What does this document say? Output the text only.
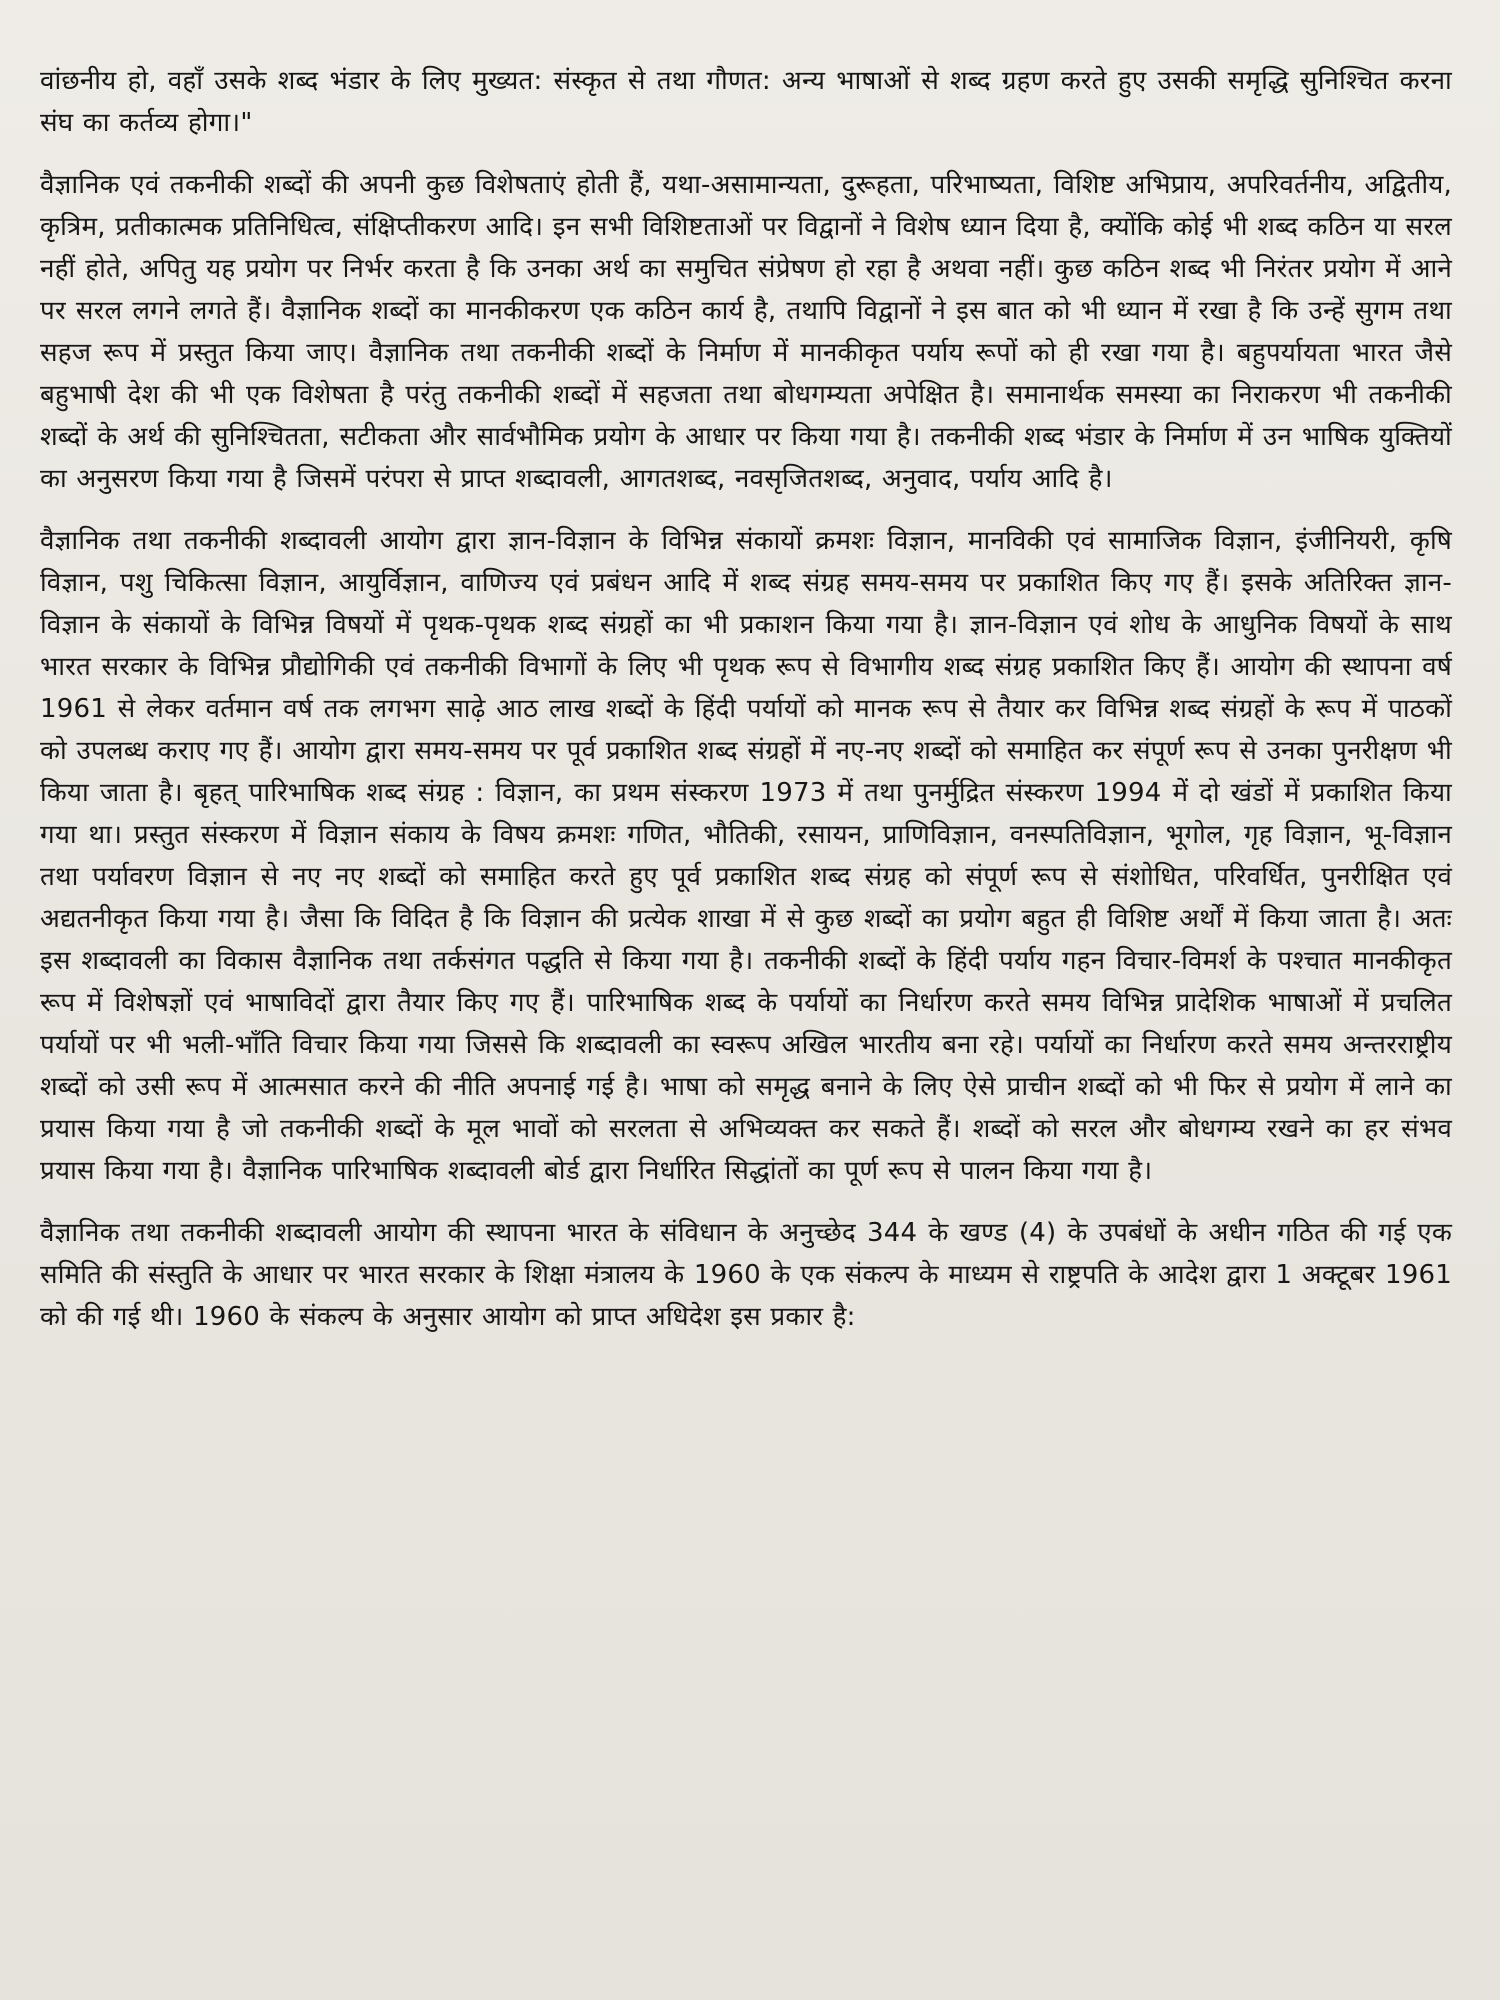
वांछनीय हो, वहाँ उसके शब्द भंडार के लिए मुख्यत: संस्कृत से तथा गौणत: अन्य भाषाओं से शब्द ग्रहण करते हुए उसकी समृद्धि सुनिश्चित करना संघ का कर्तव्य होगा।"

वैज्ञानिक एवं तकनीकी शब्दों की अपनी कुछ विशेषताएं होती हैं, यथा-असामान्यता, दुरूहता, परिभाष्यता, विशिष्ट अभिप्राय, अपरिवर्तनीय, अद्वितीय, कृत्रिम, प्रतीकात्मक प्रतिनिधित्व, संक्षिप्तीकरण आदि। इन सभी विशिष्टताओं पर विद्वानों ने विशेष ध्यान दिया है, क्योंकि कोई भी शब्द कठिन या सरल नहीं होते, अपितु यह प्रयोग पर निर्भर करता है कि उनका अर्थ का समुचित संप्रेषण हो रहा है अथवा नहीं। कुछ कठिन शब्द भी निरंतर प्रयोग में आने पर सरल लगने लगते हैं। वैज्ञानिक शब्दों का मानकीकरण एक कठिन कार्य है, तथापि विद्वानों ने इस बात को भी ध्यान में रखा है कि उन्हें सुगम तथा सहज रूप में प्रस्तुत किया जाए। वैज्ञानिक तथा तकनीकी शब्दों के निर्माण में मानकीकृत पर्याय रूपों को ही रखा गया है। बहुपर्यायता भारत जैसे बहुभाषी देश की भी एक विशेषता है परंतु तकनीकी शब्दों में सहजता तथा बोधगम्यता अपेक्षित है। समानार्थक समस्या का निराकरण भी तकनीकी शब्दों के अर्थ की सुनिश्चितता, सटीकता और सार्वभौमिक प्रयोग के आधार पर किया गया है। तकनीकी शब्द भंडार के निर्माण में उन भाषिक युक्तियों का अनुसरण किया गया है जिसमें परंपरा से प्राप्त शब्दावली, आगतशब्द, नवसृजितशब्द, अनुवाद, पर्याय आदि है।

वैज्ञानिक तथा तकनीकी शब्दावली आयोग द्वारा ज्ञान-विज्ञान के विभिन्न संकायों क्रमशः विज्ञान, मानविकी एवं सामाजिक विज्ञान, इंजीनियरी, कृषि विज्ञान, पशु चिकित्सा विज्ञान, आयुर्विज्ञान, वाणिज्य एवं प्रबंधन आदि में शब्द संग्रह समय-समय पर प्रकाशित किए गए हैं। इसके अतिरिक्त ज्ञान-विज्ञान के संकायों के विभिन्न विषयों में पृथक-पृथक शब्द संग्रहों का भी प्रकाशन किया गया है। ज्ञान-विज्ञान एवं शोध के आधुनिक विषयों के साथ भारत सरकार के विभिन्न प्रौद्योगिकी एवं तकनीकी विभागों के लिए भी पृथक रूप से विभागीय शब्द संग्रह प्रकाशित किए हैं। आयोग की स्थापना वर्ष 1961 से लेकर वर्तमान वर्ष तक लगभग साढ़े आठ लाख शब्दों के हिंदी पर्यायों को मानक रूप से तैयार कर विभिन्न शब्द संग्रहों के रूप में पाठकों को उपलब्ध कराए गए हैं। आयोग द्वारा समय-समय पर पूर्व प्रकाशित शब्द संग्रहों में नए-नए शब्दों को समाहित कर संपूर्ण रूप से उनका पुनरीक्षण भी किया जाता है। बृहत् पारिभाषिक शब्द संग्रह : विज्ञान, का प्रथम संस्करण 1973 में तथा पुनर्मुद्रित संस्करण 1994 में दो खंडों में प्रकाशित किया गया था। प्रस्तुत संस्करण में विज्ञान संकाय के विषय क्रमशः गणित, भौतिकी, रसायन, प्राणिविज्ञान, वनस्पतिविज्ञान, भूगोल, गृह विज्ञान, भू-विज्ञान तथा पर्यावरण विज्ञान से नए नए शब्दों को समाहित करते हुए पूर्व प्रकाशित शब्द संग्रह को संपूर्ण रूप से संशोधित, परिवर्धित, पुनरीक्षित एवं अद्यतनीकृत किया गया है। जैसा कि विदित है कि विज्ञान की प्रत्येक शाखा में से कुछ शब्दों का प्रयोग बहुत ही विशिष्ट अर्थों में किया जाता है। अतः इस शब्दावली का विकास वैज्ञानिक तथा तर्कसंगत पद्धति से किया गया है। तकनीकी शब्दों के हिंदी पर्याय गहन विचार-विमर्श के पश्चात मानकीकृत रूप में विशेषज्ञों एवं भाषाविदों द्वारा तैयार किए गए हैं। पारिभाषिक शब्द के पर्यायों का निर्धारण करते समय विभिन्न प्रादेशिक भाषाओं में प्रचलित पर्यायों पर भी भली-भाँति विचार किया गया जिससे कि शब्दावली का स्वरूप अखिल भारतीय बना रहे। पर्यायों का निर्धारण करते समय अन्तरराष्ट्रीय शब्दों को उसी रूप में आत्मसात करने की नीति अपनाई गई है। भाषा को समृद्ध बनाने के लिए ऐसे प्राचीन शब्दों को भी फिर से प्रयोग में लाने का प्रयास किया गया है जो तकनीकी शब्दों के मूल भावों को सरलता से अभिव्यक्त कर सकते हैं। शब्दों को सरल और बोधगम्य रखने का हर संभव प्रयास किया गया है। वैज्ञानिक पारिभाषिक शब्दावली बोर्ड द्वारा निर्धारित सिद्धांतों का पूर्ण रूप से पालन किया गया है।

वैज्ञानिक तथा तकनीकी शब्दावली आयोग की स्थापना भारत के संविधान के अनुच्छेद 344 के खण्ड (4) के उपबंधों के अधीन गठित की गई एक समिति की संस्तुति के आधार पर भारत सरकार के शिक्षा मंत्रालय के 1960 के एक संकल्प के माध्यम से राष्ट्रपति के आदेश द्वारा 1 अक्टूबर 1961 को की गई थी। 1960 के संकल्प के अनुसार आयोग को प्राप्त अधिदेश इस प्रकार है:
